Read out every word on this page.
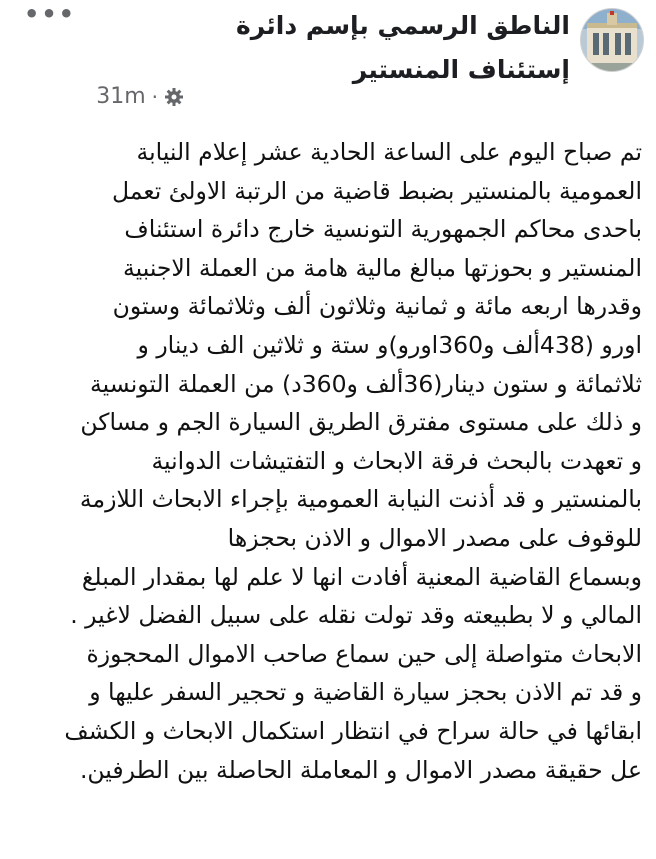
•••	الناطق الرسمي بإسم دائرة إستئناف المنستير
31m ·
تم صباح اليوم على الساعة الحادية عشر إعلام النيابة
العمومية بالمنستير بضبط قاضية من الرتبة الاولئ تعمل
باحدى محاكم الجمهورية التونسية خارج دائرة استئناف
المنستير و بحوزتها مبالغ مالية هامة من العملة الاجنبية
وقدرها اربعه مائة و ثمانية وثلاثون ألف وثلاثمائة وستون
اورو (438ألف و360اورو)و ستة و ثلاثين الف دينار و
ثلاثمائة و ستون دينار(36ألف و360د) من العملة التونسية
و ذلك على مستوى مفترق الطريق السيارة الجم و مساكن
و تعهدت بالبحث فرقة الابحاث و التفتيشات الدوانية
بالمنستير و قد أذنت النيابة العمومية بإجراء الابحاث اللازمة
للوقوف على مصدر الاموال و الاذن بحجزها
وبسماع القاضية المعنية أفادت انها لا علم لها بمقدار المبلغ
المالي و لا بطبيعته وقد تولت نقله على سبيل الفضل لاغير .
الابحاث متواصلة إلى حين سماع صاحب الاموال المحجوزة
و قد تم الاذن بحجز سيارة القاضية و تحجير السفر عليها و
ابقائها في حالة سراح في انتظار استكمال الابحاث و الكشف
عل حقيقة مصدر الاموال و المعاملة الحاصلة بين الطرفين.
